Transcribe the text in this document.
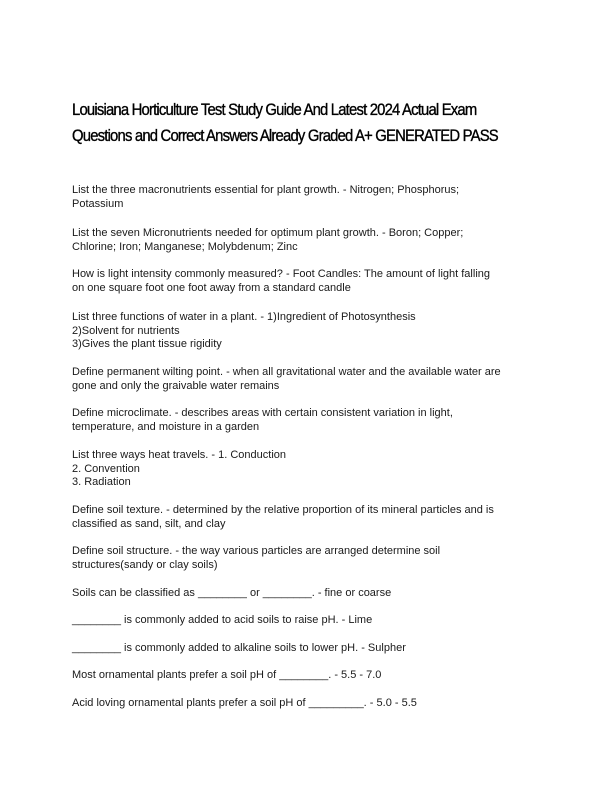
Louisiana Horticulture Test Study Guide And Latest 2024 Actual Exam
Questions and Correct Answers Already Graded A+ GENERATED PASS

List the three macronutrients essential for plant growth. - Nitrogen; Phosphorus;
Potassium

List the seven Micronutrients needed for optimum plant growth. - Boron; Copper;
Chlorine; Iron; Manganese; Molybdenum; Zinc

How is light intensity commonly measured? - Foot Candles: The amount of light falling
on one square foot one foot away from a standard candle

List three functions of water in a plant. - 1)Ingredient of Photosynthesis
2)Solvent for nutrients
3)Gives the plant tissue rigidity

Define permanent wilting point. - when all gravitational water and the available water are
gone and only the graivable water remains

Define microclimate. - describes areas with certain consistent variation in light,
temperature, and moisture in a garden

List three ways heat travels. - 1. Conduction
2. Convention
3. Radiation

Define soil texture. - determined by the relative proportion of its mineral particles and is
classified as sand, silt, and clay

Define soil structure. - the way various particles are arranged determine soil
structures(sandy or clay soils)

Soils can be classified as ________ or ________. - fine or coarse

________ is commonly added to acid soils to raise pH. - Lime

________ is commonly added to alkaline soils to lower pH. - Sulpher

Most ornamental plants prefer a soil pH of ________. - 5.5 - 7.0

Acid loving ornamental plants prefer a soil pH of _________. - 5.0 - 5.5
